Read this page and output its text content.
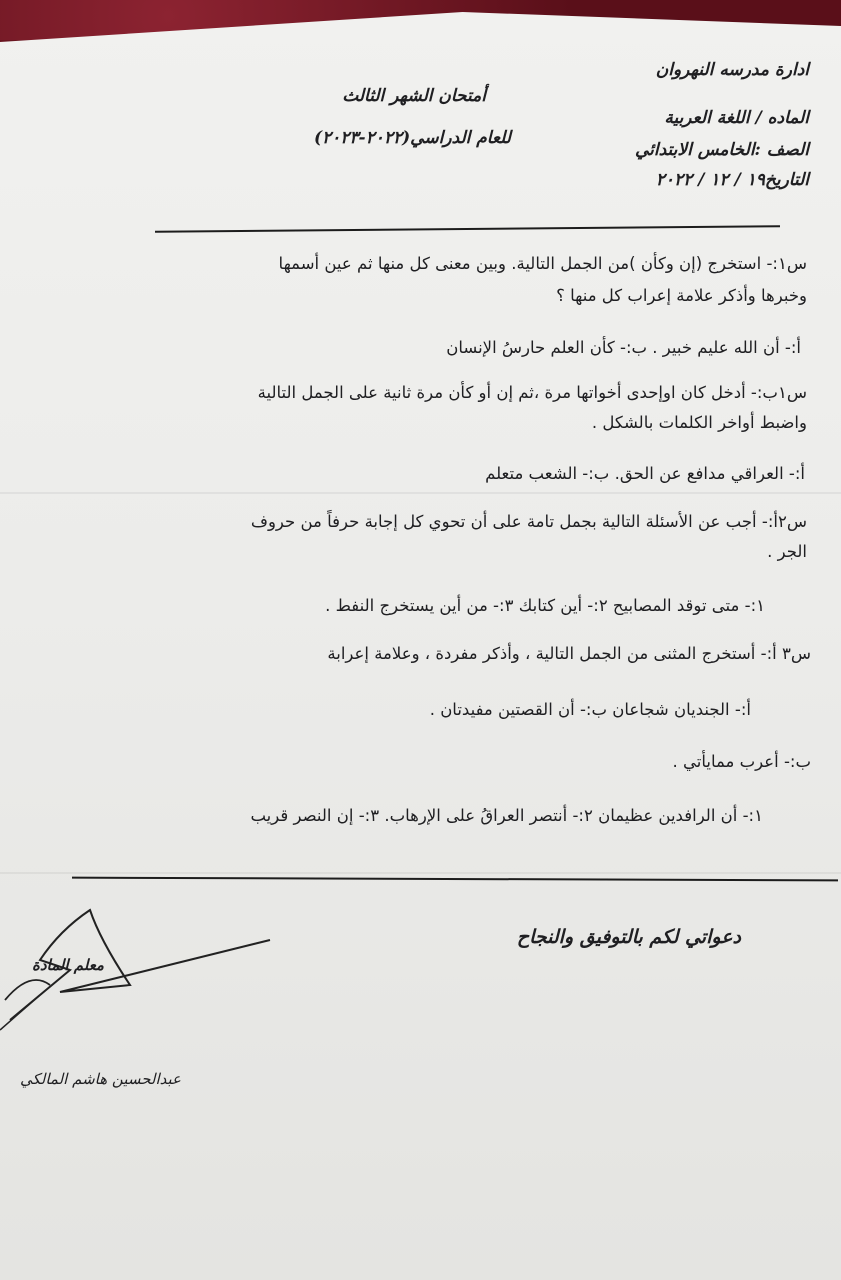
ادارة مدرسه النهروان
الماده / اللغة العربية
الصف :الخامس الابتدائي
التاريخ١٩ / ١٢ / ٢٠٢٢
أمتحان الشهر الثالث
للعام الدراسي(٢٠٢٢-٢٠٢٣)
س١:- استخرج (إن وكأن )من الجمل التالية. وبين معنى كل منها ثم عين أسمها
وخبرها وأذكر علامة إعراب كل منها ؟
أ:- أن الله عليم خبير . ب:- كأن العلم حارسُ الإنسان
س١ب:- أدخل كان اوإحدى أخواتها مرة ،ثم إن أو كأن مرة ثانية على الجمل التالية
واضبط أواخر الكلمات بالشكل .
أ:- العراقي مدافع عن الحق. ب:- الشعب متعلم
س٢أ:- أجب عن الأسئلة التالية بجمل تامة على أن تحوي كل إجابة حرفاً من حروف
الجر .
١:- متى توقد المصابيح ٢:- أين كتابك ٣:- من أين يستخرج النفط .
س٣ أ:- أستخرج المثنى من الجمل التالية ، وأذكر مفردة ، وعلامة إعرابة
أ:- الجنديان شجاعان ب:- أن القصتين مفيدتان .
ب:- أعرب ممايأتي .
١:- أن الرافدين عظيمان ٢:- أنتصر العراقُ على الإرهاب. ٣:- إن النصر قريب
دعواتي لكم بالتوفيق والنجاح
معلم المادة
عبدالحسين هاشم المالكي
